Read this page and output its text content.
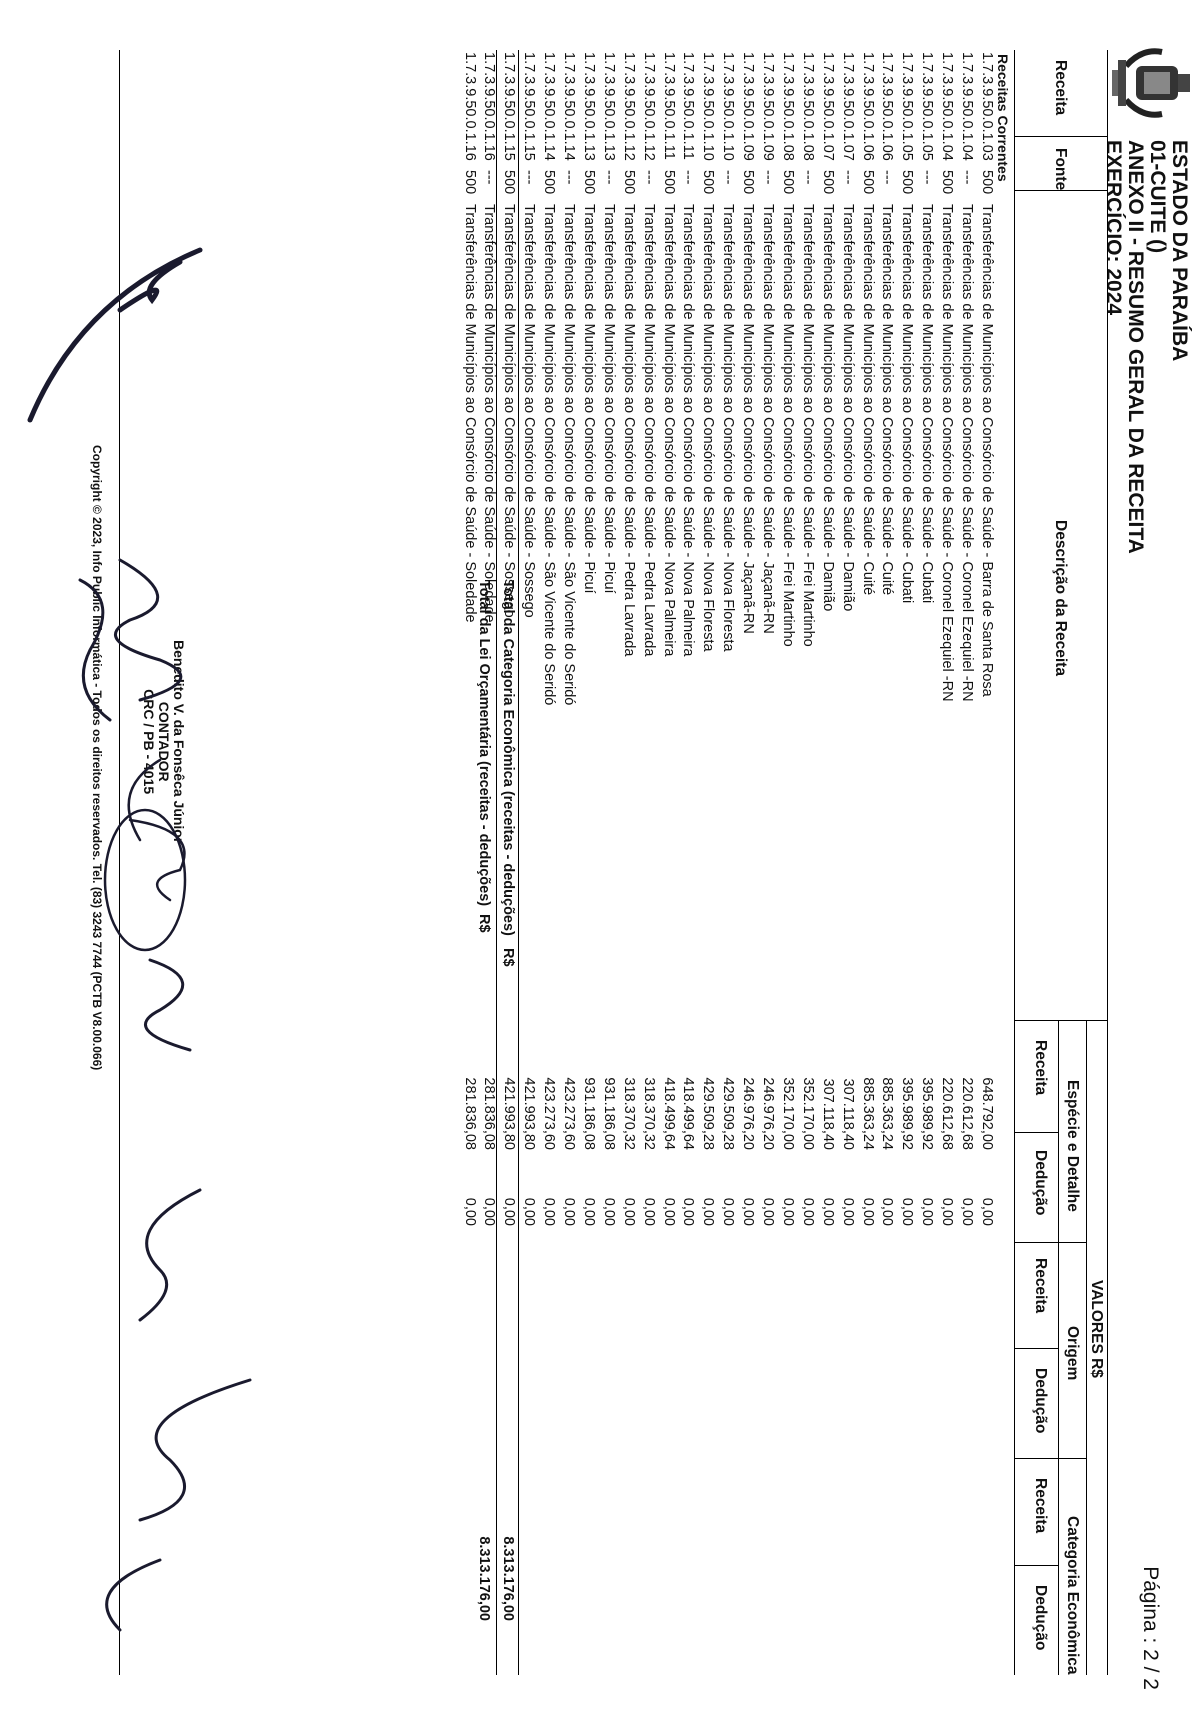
Página : 2 / 2
ESTADO DA PARAÍBA
01-CUITE ()
ANEXO II - RESUMO GERAL DA RECEITA
EXERCÍCIO: 2024
Receita
Fonte
Descrição da Receita
VALORES R$
Espécie e Detalhe
Origem
Categoria Econômica
Receita
Dedução
Receita
Dedução
Receita
Dedução
Receitas Correntes
1.7.3.9.50.0.1.03
500
Transferências de Municípios ao Consórcio de Saúde - Barra de Santa Rosa
648.792,00
0,00
1.7.3.9.50.0.1.04
---
Transferências de Municípios ao Consórcio de Saúde - Coronel Ezequiel -RN
220.612,68
0,00
1.7.3.9.50.0.1.04
500
Transferências de Municípios ao Consórcio de Saúde - Coronel Ezequiel -RN
220.612,68
0,00
1.7.3.9.50.0.1.05
---
Transferências de Municípios ao Consórcio de Saúde - Cubati
395.989,92
0,00
1.7.3.9.50.0.1.05
500
Transferências de Municípios ao Consórcio de Saúde - Cubati
395.989,92
0,00
1.7.3.9.50.0.1.06
---
Transferências de Municípios ao Consórcio de Saúde - Cuité
885.363,24
0,00
1.7.3.9.50.0.1.06
500
Transferências de Municípios ao Consórcio de Saúde - Cuité
885.363,24
0,00
1.7.3.9.50.0.1.07
---
Transferências de Municípios ao Consórcio de Saúde - Damião
307.118,40
0,00
1.7.3.9.50.0.1.07
500
Transferências de Municípios ao Consórcio de Saúde - Damião
307.118,40
0,00
1.7.3.9.50.0.1.08
---
Transferências de Municípios ao Consórcio de Saúde - Frei Martinho
352.170,00
0,00
1.7.3.9.50.0.1.08
500
Transferências de Municípios ao Consórcio de Saúde - Frei Martinho
352.170,00
0,00
1.7.3.9.50.0.1.09
---
Transferências de Municípios ao Consórcio de Saúde - Jaçanã-RN
246.976,20
0,00
1.7.3.9.50.0.1.09
500
Transferências de Municípios ao Consórcio de Saúde - Jaçanã-RN
246.976,20
0,00
1.7.3.9.50.0.1.10
---
Transferências de Municípios ao Consórcio de Saúde - Nova Floresta
429.509,28
0,00
1.7.3.9.50.0.1.10
500
Transferências de Municípios ao Consórcio de Saúde - Nova Floresta
429.509,28
0,00
1.7.3.9.50.0.1.11
---
Transferências de Municípios ao Consórcio de Saúde - Nova Palmeira
418.499,64
0,00
1.7.3.9.50.0.1.11
500
Transferências de Municípios ao Consórcio de Saúde - Nova Palmeira
418.499,64
0,00
1.7.3.9.50.0.1.12
---
Transferências de Municípios ao Consórcio de Saúde - Pedra Lavrada
318.370,32
0,00
1.7.3.9.50.0.1.12
500
Transferências de Municípios ao Consórcio de Saúde - Pedra Lavrada
318.370,32
0,00
1.7.3.9.50.0.1.13
---
Transferências de Municípios ao Consórcio de Saúde - Picuí
931.186,08
0,00
1.7.3.9.50.0.1.13
500
Transferências de Municípios ao Consórcio de Saúde - Picuí
931.186,08
0,00
1.7.3.9.50.0.1.14
---
Transferências de Municípios ao Consórcio de Saúde - São Vicente do Seridó
423.273,60
0,00
1.7.3.9.50.0.1.14
500
Transferências de Municípios ao Consórcio de Saúde - São Vicente do Seridó
423.273,60
0,00
1.7.3.9.50.0.1.15
---
Transferências de Municípios ao Consórcio de Saúde - Sossego
421.993,80
0,00
1.7.3.9.50.0.1.15
500
Transferências de Municípios ao Consórcio de Saúde - Sossego
421.993,80
0,00
1.7.3.9.50.0.1.16
---
Transferências de Municípios ao Consórcio de Saúde - Soledade
281.836,08
0,00
1.7.3.9.50.0.1.16
500
Transferências de Municípios ao Consórcio de Saúde - Soledade
281.836,08
0,00
Total da Categoria Econômica (receitas - deduções)
R$
8.313.176,00
Total da Lei Orçamentária (receitas - deduções)
R$
8.313.176,00
Benedito V. da Fonsêca Júnior
CONTADOR
CRC / PB - 4015
Copyright © 2023, Info Public Informática - Todos os direitos reservados. Tel. (83) 3243 7744 (PCTB V8.00.066)
